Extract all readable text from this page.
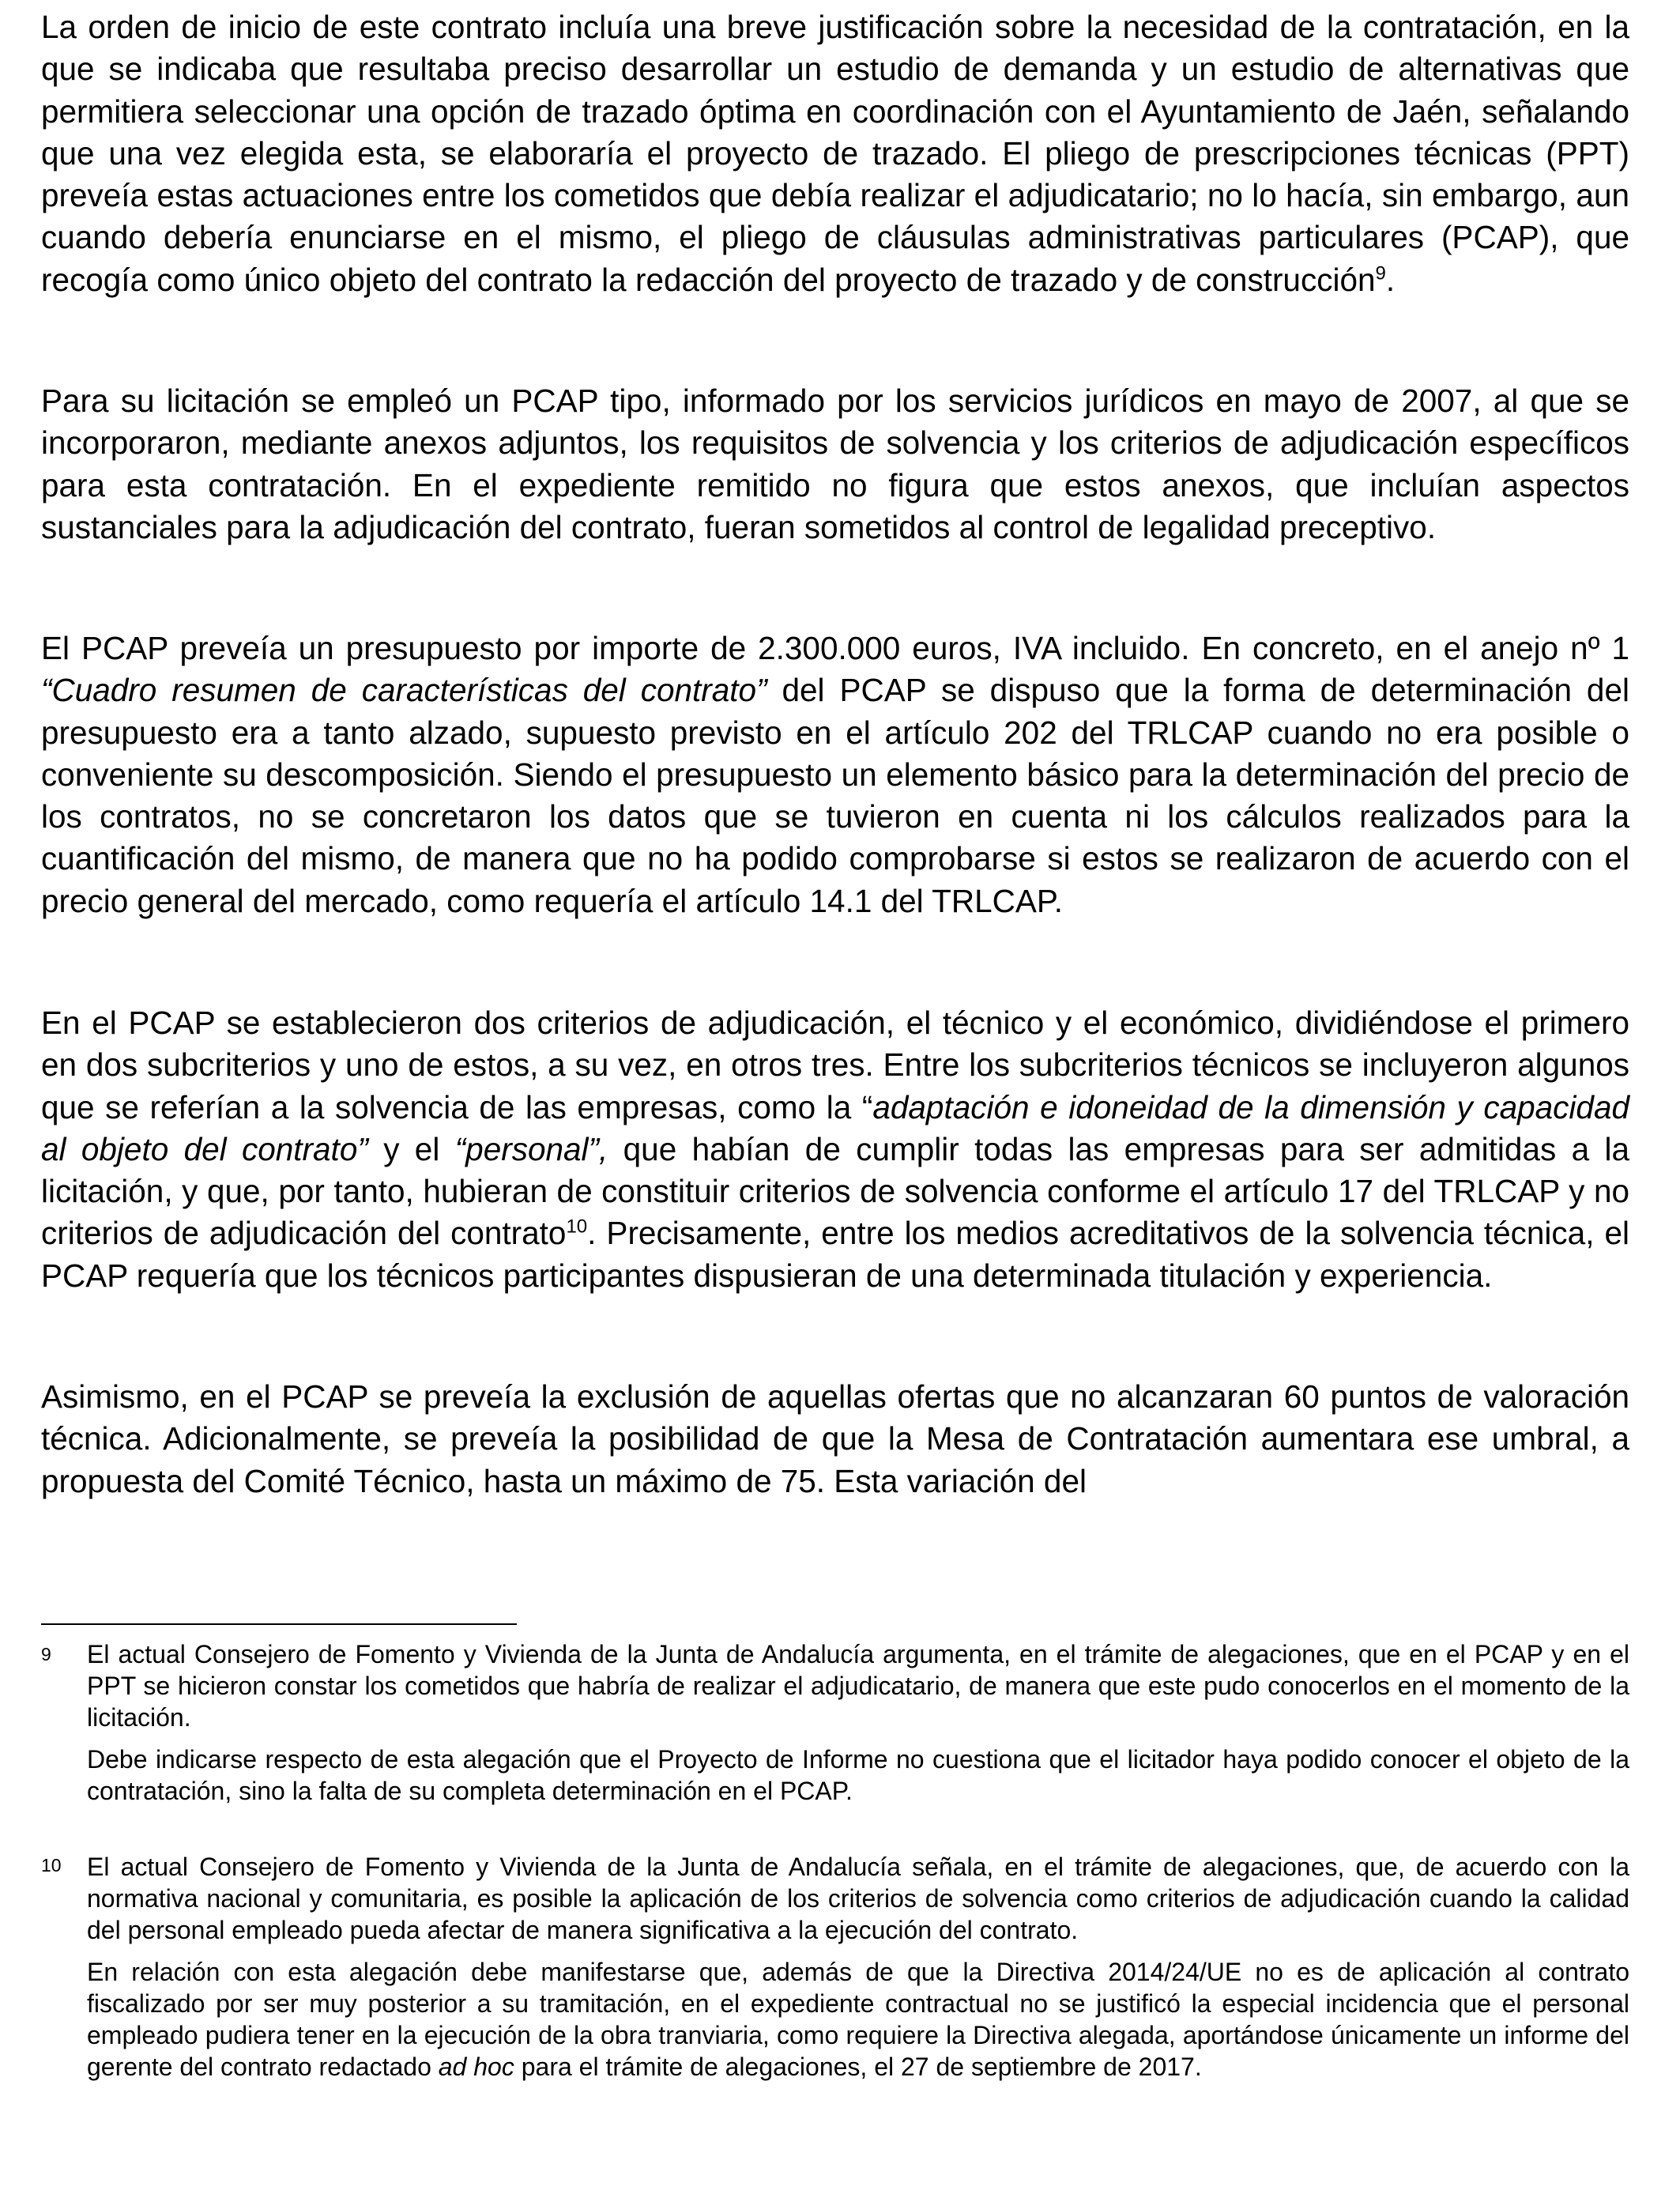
La orden de inicio de este contrato incluía una breve justificación sobre la necesidad de la contratación, en la que se indicaba que resultaba preciso desarrollar un estudio de demanda y un estudio de alternativas que permitiera seleccionar una opción de trazado óptima en coordinación con el Ayuntamiento de Jaén, señalando que una vez elegida esta, se elaboraría el proyecto de trazado. El pliego de prescripciones técnicas (PPT) preveía estas actuaciones entre los cometidos que debía realizar el adjudicatario; no lo hacía, sin embargo, aun cuando debería enunciarse en el mismo, el pliego de cláusulas administrativas particulares (PCAP), que recogía como único objeto del contrato la redacción del proyecto de trazado y de construcción$^9$.

Para su licitación se empleó un PCAP tipo, informado por los servicios jurídicos en mayo de 2007, al que se incorporaron, mediante anexos adjuntos, los requisitos de solvencia y los criterios de adjudicación específicos para esta contratación. En el expediente remitido no figura que estos anexos, que incluían aspectos sustanciales para la adjudicación del contrato, fueran sometidos al control de legalidad preceptivo.

El PCAP preveía un presupuesto por importe de 2.300.000 euros, IVA incluido. En concreto, en el anejo nº 1 “Cuadro resumen de características del contrato” del PCAP se dispuso que la forma de determinación del presupuesto era a tanto alzado, supuesto previsto en el artículo 202 del TRLCAP cuando no era posible o conveniente su descomposición. Siendo el presupuesto un elemento básico para la determinación del precio de los contratos, no se concretaron los datos que se tuvieron en cuenta ni los cálculos realizados para la cuantificación del mismo, de manera que no ha podido comprobarse si estos se realizaron de acuerdo con el precio general del mercado, como requería el artículo 14.1 del TRLCAP.

En el PCAP se establecieron dos criterios de adjudicación, el técnico y el económico, dividiéndose el primero en dos subcriterios y uno de estos, a su vez, en otros tres. Entre los subcriterios técnicos se incluyeron algunos que se referían a la solvencia de las empresas, como la “adaptación e idoneidad de la dimensión y capacidad al objeto del contrato” y el “personal”, que habían de cumplir todas las empresas para ser admitidas a la licitación, y que, por tanto, hubieran de constituir criterios de solvencia conforme el artículo 17 del TRLCAP y no criterios de adjudicación del contrato$^{10}$. Precisamente, entre los medios acreditativos de la solvencia técnica, el PCAP requería que los técnicos participantes dispusieran de una determinada titulación y experiencia.

Asimismo, en el PCAP se preveía la exclusión de aquellas ofertas que no alcanzaran 60 puntos de valoración técnica. Adicionalmente, se preveía la posibilidad de que la Mesa de Contratación aumentara ese umbral, a propuesta del Comité Técnico, hasta un máximo de 75. Esta variación del

9 El actual Consejero de Fomento y Vivienda de la Junta de Andalucía argumenta, en el trámite de alegaciones, que en el PCAP y en el PPT se hicieron constar los cometidos que habría de realizar el adjudicatario, de manera que este pudo conocerlos en el momento de la licitación.

Debe indicarse respecto de esta alegación que el Proyecto de Informe no cuestiona que el licitador haya podido conocer el objeto de la contratación, sino la falta de su completa determinación en el PCAP.

10 El actual Consejero de Fomento y Vivienda de la Junta de Andalucía señala, en el trámite de alegaciones, que, de acuerdo con la normativa nacional y comunitaria, es posible la aplicación de los criterios de solvencia como criterios de adjudicación cuando la calidad del personal empleado pueda afectar de manera significativa a la ejecución del contrato.

En relación con esta alegación debe manifestarse que, además de que la Directiva 2014/24/UE no es de aplicación al contrato fiscalizado por ser muy posterior a su tramitación, en el expediente contractual no se justificó la especial incidencia que el personal empleado pudiera tener en la ejecución de la obra tranviaria, como requiere la Directiva alegada, aportándose únicamente un informe del gerente del contrato redactado ad hoc para el trámite de alegaciones, el 27 de septiembre de 2017.
